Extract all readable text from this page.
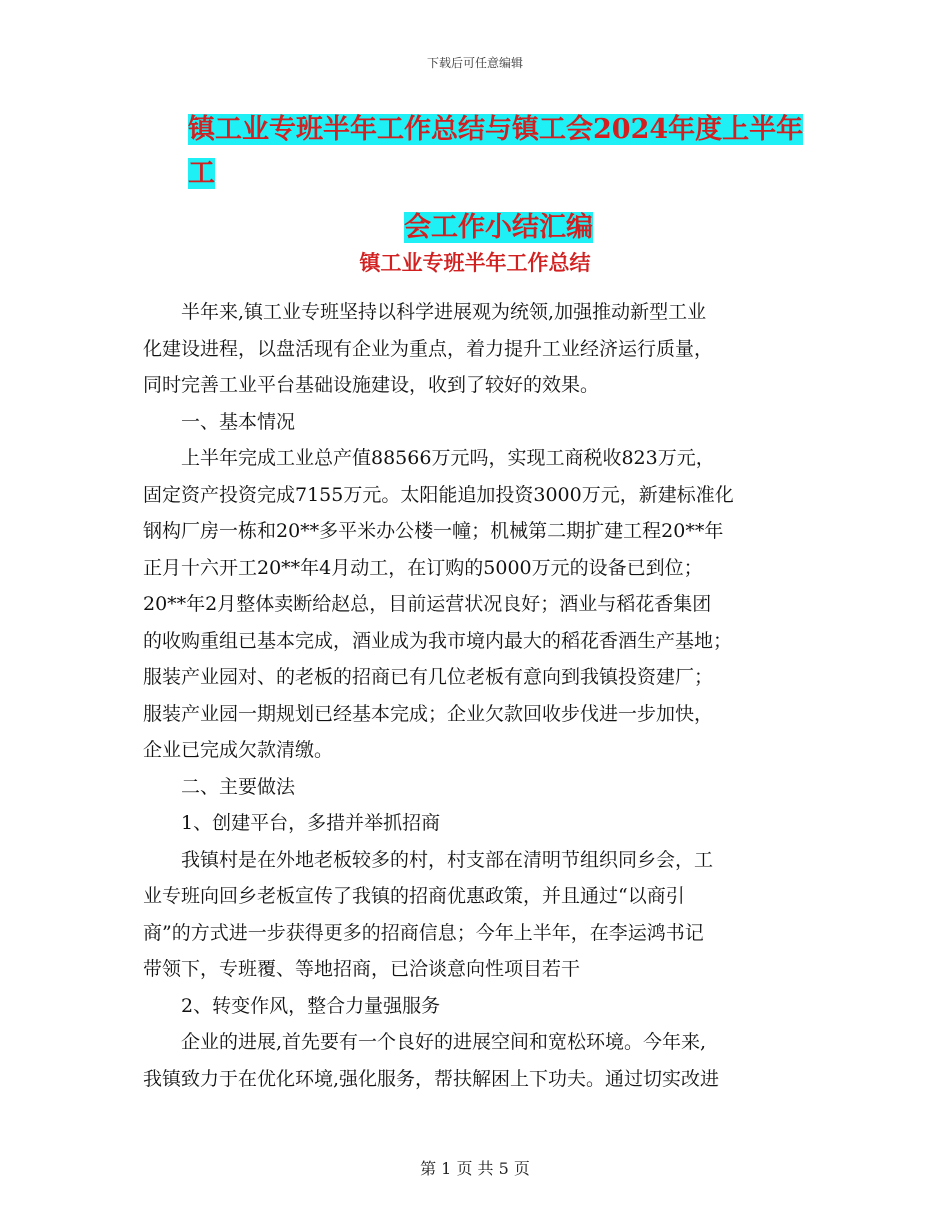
下载后可任意编辑
镇工业专班半年工作总结与镇工会2024年度上半年工
会工作小结汇编
镇工业专班半年工作总结
半年来,镇工业专班坚持以科学进展观为统领,加强推动新型工业
化建设进程，以盘活现有企业为重点，着力提升工业经济运行质量，
同时完善工业平台基础设施建设，收到了较好的效果。
一、基本情况
上半年完成工业总产值88566万元吗，实现工商税收823万元，
固定资产投资完成7155万元。太阳能追加投资3000万元，新建标准化
钢构厂房一栋和20**多平米办公楼一幢；机械第二期扩建工程20**年
正月十六开工20**年4月动工，在订购的5000万元的设备已到位；
20**年2月整体卖断给赵总，目前运营状况良好；酒业与稻花香集团
的收购重组已基本完成，酒业成为我市境内最大的稻花香酒生产基地；
服装产业园对、的老板的招商已有几位老板有意向到我镇投资建厂；
服装产业园一期规划已经基本完成；企业欠款回收步伐进一步加快，
企业已完成欠款清缴。
二、主要做法
1、创建平台，多措并举抓招商
我镇村是在外地老板较多的村，村支部在清明节组织同乡会，工
业专班向回乡老板宣传了我镇的招商优惠政策，并且通过“以商引
商”的方式进一步获得更多的招商信息；今年上半年，在李运鸿书记
带领下，专班覆、等地招商，已洽谈意向性项目若干
2、转变作风，整合力量强服务
企业的进展,首先要有一个良好的进展空间和宽松环境。今年来,
我镇致力于在优化环境,强化服务，帮扶解困上下功夫。通过切实改进
第 1 页 共 5 页
